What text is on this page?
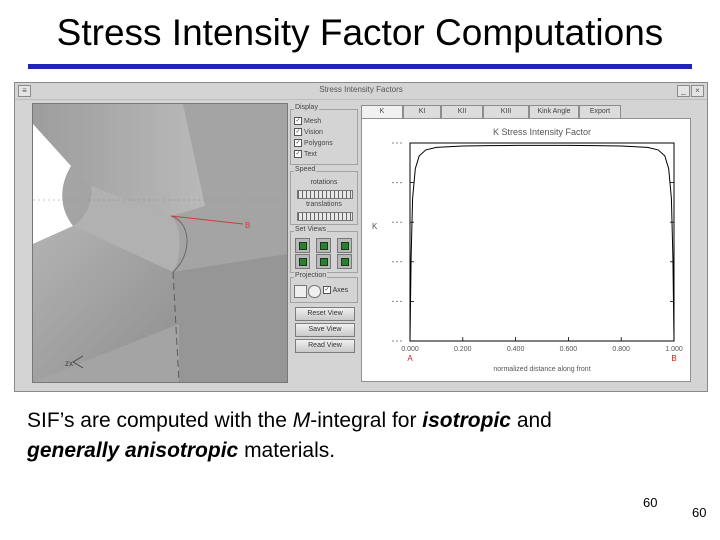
Stress Intensity Factor Computations
≡	Stress Intensity Factors	_	×
B
zx
Display
✓ Mesh
✓ Vision
✓ Polygons
✓ Text
Speed
rotations
translations
Set Views
Projection
✓ Axes
Reset View
Save View
Read View
K	KI	KII	KIII	Kink Angle	Export
K Stress Intensity Factor
K
normalized distance along front
0.000	0.200	0.400	0.600	0.800	1.000
A	B
SIF’s are computed with the M-integral for isotropic and
generally anisotropic materials.
60
60
